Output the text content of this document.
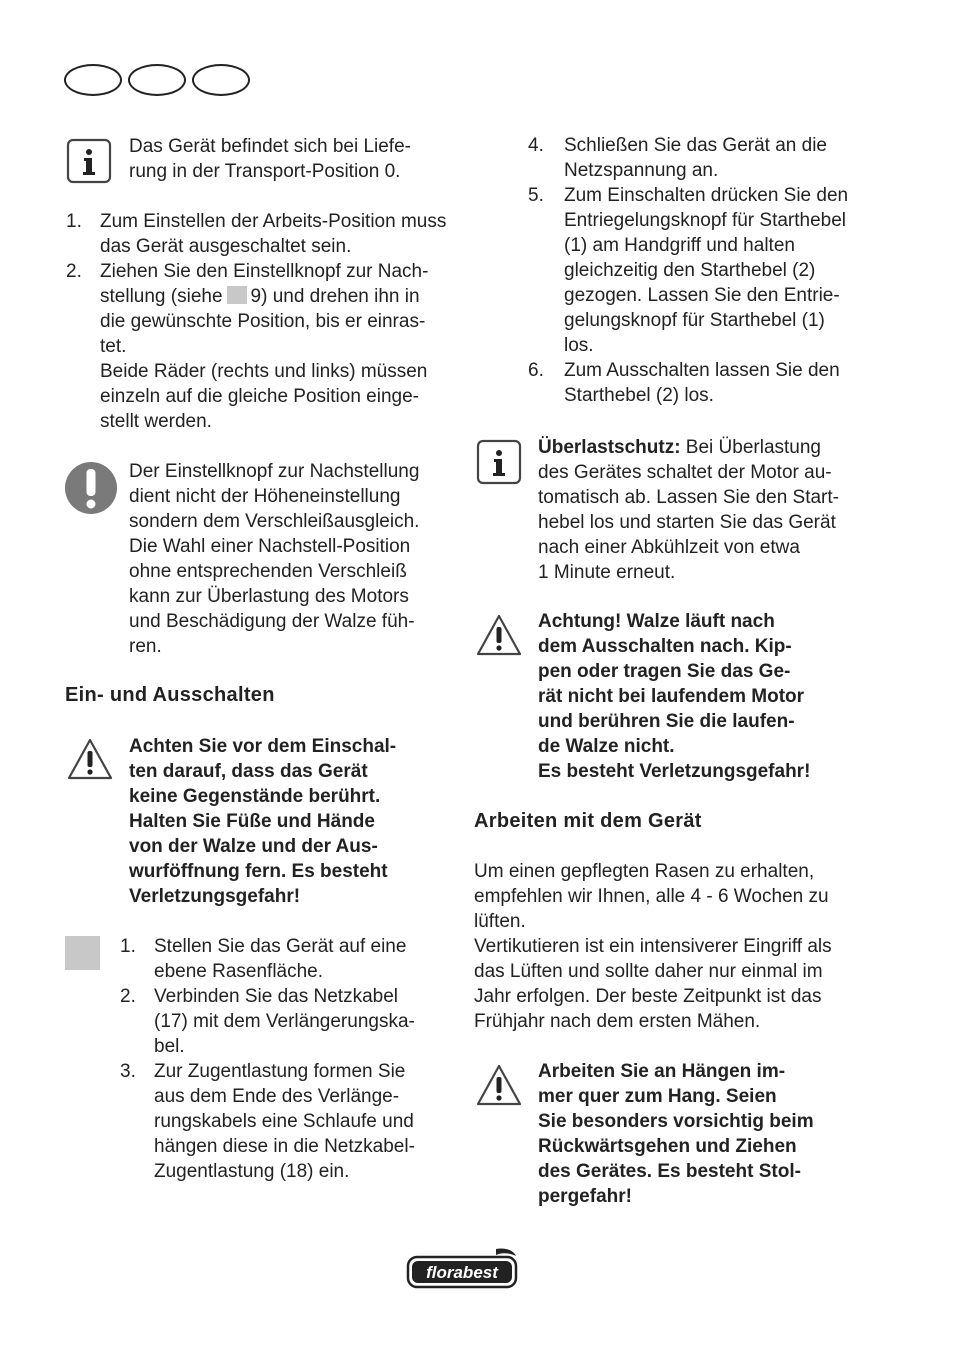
Das Gerät befindet sich bei Liefe-
rung in der Transport-Position 0.
1. Zum Einstellen der Arbeits-Position muss
das Gerät ausgeschaltet sein.
2. Ziehen Sie den Einstellknopf zur Nach-
stellung (siehe 9) und drehen ihn in
die gewünschte Position, bis er einras-
tet.
Beide Räder (rechts und links) müssen
einzeln auf die gleiche Position einge-
stellt werden.
Der Einstellknopf zur Nachstellung
dient nicht der Höheneinstellung
sondern dem Verschleißausgleich.
Die Wahl einer Nachstell-Position
ohne entsprechenden Verschleiß
kann zur Überlastung des Motors
und Beschädigung der Walze füh-
ren.
Ein- und Ausschalten
Achten Sie vor dem Einschal-
ten darauf, dass das Gerät
keine Gegenstände berührt.
Halten Sie Füße und Hände
von der Walze und der Aus-
wurföffnung fern. Es besteht
Verletzungsgefahr!
1. Stellen Sie das Gerät auf eine
ebene Rasenfläche.
2. Verbinden Sie das Netzkabel
(17) mit dem Verlängerungska-
bel.
3. Zur Zugentlastung formen Sie
aus dem Ende des Verlänge-
rungskabels eine Schlaufe und
hängen diese in die Netzkabel-
Zugentlastung (18) ein.
4. Schließen Sie das Gerät an die
Netzspannung an.
5. Zum Einschalten drücken Sie den
Entriegelungsknopf für Starthebel
(1) am Handgriff und halten
gleichzeitig den Starthebel (2)
gezogen. Lassen Sie den Entrie-
gelungsknopf für Starthebel (1)
los.
6. Zum Ausschalten lassen Sie den
Starthebel (2) los.
Überlastschutz: Bei Überlastung
des Gerätes schaltet der Motor au-
tomatisch ab. Lassen Sie den Start-
hebel los und starten Sie das Gerät
nach einer Abkühlzeit von etwa
1 Minute erneut.
Achtung! Walze läuft nach
dem Ausschalten nach. Kip-
pen oder tragen Sie das Ge-
rät nicht bei laufendem Motor
und berühren Sie die laufen-
de Walze nicht.
Es besteht Verletzungsgefahr!
Arbeiten mit dem Gerät
Um einen gepflegten Rasen zu erhalten,
empfehlen wir Ihnen, alle 4 - 6 Wochen zu
lüften.
Vertikutieren ist ein intensiverer Eingriff als
das Lüften und sollte daher nur einmal im
Jahr erfolgen. Der beste Zeitpunkt ist das
Frühjahr nach dem ersten Mähen.
Arbeiten Sie an Hängen im-
mer quer zum Hang. Seien
Sie besonders vorsichtig beim
Rückwärtsgehen und Ziehen
des Gerätes. Es besteht Stol-
pergefahr!
florabest
